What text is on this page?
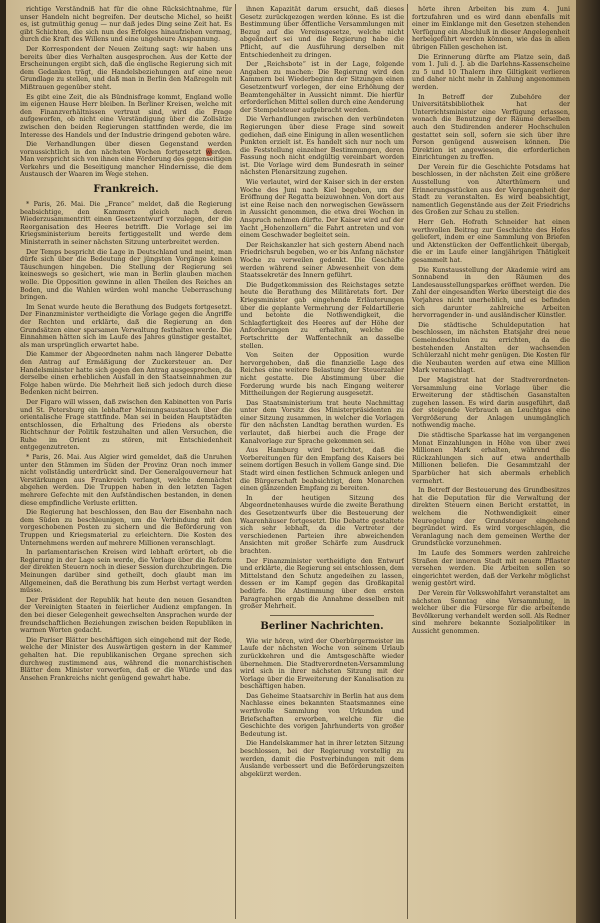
richtige Verständniß hat für die ohne Rücksichtnahme, für unser Handeln nicht begreifen. Der deutsche Michel, so heißt es, ist gutmüthig genug — nur daß jedes Ding seine Zeit hat. Es gibt Schichten, die sich nun des Erfolges hinaufziehen vermag, durch die Kraft des Willens und eine ungeheure Anspannung.

Der Korrespondent der Neuen Zeitung sagt: wir haben uns bereits über dies Verhalten ausgesprochen. Aus der Kette der Erscheinungen ergibt sich, daß die englische Regierung sich mit dem Gedanken trägt, die Handelsbeziehungen auf eine neue Grundlage zu stellen, und daß man in Berlin den Maßregeln mit Mißtrauen gegenüber steht.

Es gibt eine Zeit, die als Bündnisfrage kommt, England wolle im eigenen Hause Herr bleiben. In Berliner Kreisen, welche mit den Finanzverhältnissen vertraut sind, wird die Frage aufgeworfen, ob nicht eine Verständigung über die Zollsätze zwischen den beiden Regierungen stattfinden werde, die im Interesse des Handels und der Industrie dringend geboten wäre.

Die Verhandlungen über diesen Gegenstand werden voraussichtlich in den nächsten Wochen fortgesetzt werden. Man verspricht sich von ihnen eine Förderung des gegenseitigen Verkehrs und die Beseitigung mancher Hindernisse, die dem Austausch der Waaren im Wege stehen.

Frankreich.

* Paris, 26. Mai. Die „France“ meldet, daß die Regierung beabsichtige, den Kammern gleich nach deren Wiederzusammentritt einen Gesetzentwurf vorzulegen, der die Reorganisation des Heeres betrifft. Die Vorlage sei im Kriegsministerium bereits fertiggestellt und werde dem Ministerrath in seiner nächsten Sitzung unterbreitet werden.

Der Temps bespricht die Lage in Deutschland und meint, man dürfe sich über die Bedeutung der jüngsten Vorgänge keinen Täuschungen hingeben. Die Stellung der Regierung sei keineswegs so gesichert, wie man in Berlin glauben machen wolle. Die Opposition gewinne in allen Theilen des Reiches an Boden, und die Wahlen würden wohl manche Ueberraschung bringen.

Im Senat wurde heute die Berathung des Budgets fortgesetzt. Der Finanzminister vertheidigte die Vorlage gegen die Angriffe der Rechten und erklärte, daß die Regierung an den Grundsätzen einer sparsamen Verwaltung festhalten werde. Die Einnahmen hätten sich im Laufe des Jahres günstiger gestaltet, als man ursprünglich erwartet habe.

Die Kammer der Abgeordneten nahm nach längerer Debatte den Antrag auf Ermäßigung der Zuckersteuer an. Der Handelsminister hatte sich gegen den Antrag ausgesprochen, da derselbe einen erheblichen Ausfall in den Staatseinnahmen zur Folge haben würde. Die Mehrheit ließ sich jedoch durch diese Bedenken nicht beirren.

Der Figaro will wissen, daß zwischen den Kabinetten von Paris und St. Petersburg ein lebhafter Meinungsaustausch über die orientalische Frage stattfinde. Man sei in beiden Hauptstädten entschlossen, die Erhaltung des Friedens als oberste Richtschnur der Politik festzuhalten und allen Versuchen, die Ruhe im Orient zu stören, mit Entschiedenheit entgegenzutreten.

* Paris, 26. Mai. Aus Algier wird gemeldet, daß die Unruhen unter den Stämmen im Süden der Provinz Oran noch immer nicht vollständig unterdrückt sind. Der Generalgouverneur hat Verstärkungen aus Frankreich verlangt, welche demnächst abgehen werden. Die Truppen haben in den letzten Tagen mehrere Gefechte mit den Aufständischen bestanden, in denen diese empfindliche Verluste erlitten.

Die Regierung hat beschlossen, den Bau der Eisenbahn nach dem Süden zu beschleunigen, um die Verbindung mit den vorgeschobenen Posten zu sichern und die Beförderung von Truppen und Kriegsmaterial zu erleichtern. Die Kosten des Unternehmens werden auf mehrere Millionen veranschlagt.

In parlamentarischen Kreisen wird lebhaft erörtert, ob die Regierung in der Lage sein werde, die Vorlage über die Reform der direkten Steuern noch in dieser Session durchzubringen. Die Meinungen darüber sind getheilt, doch glaubt man im Allgemeinen, daß die Berathung bis zum Herbst vertagt werden müsse.

Der Präsident der Republik hat heute den neuen Gesandten der Vereinigten Staaten in feierlicher Audienz empfangen. In den bei dieser Gelegenheit gewechselten Ansprachen wurde der freundschaftlichen Beziehungen zwischen beiden Republiken in warmen Worten gedacht.

Die Pariser Blätter beschäftigen sich eingehend mit der Rede, welche der Minister des Auswärtigen gestern in der Kammer gehalten hat. Die republikanischen Organe sprechen sich durchweg zustimmend aus, während die monarchistischen Blätter dem Minister vorwerfen, daß er die Würde und das Ansehen Frankreichs nicht genügend gewahrt habe.

ihnen Kapazität darum ersucht, daß dieses Gesetz zurückgezogen werden könne. Es ist die Bestimmung über öffentliche Versammlungen mit Bezug auf die Vereinsgesetze, welche nicht abgeändert sei und die Regierung habe die Pflicht, auf die Ausführung derselben mit Entschiedenheit zu dringen.

Der „Reichsbote“ ist in der Lage, folgende Angaben zu machen: Die Regierung wird den Kammern bei Wiederbeginn der Sitzungen einen Gesetzentwurf vorlegen, der eine Erhöhung der Beamtengehälter in Aussicht nimmt. Die hierfür erforderlichen Mittel sollen durch eine Aenderung der Stempelsteuer aufgebracht werden.

Die Verhandlungen zwischen den verbündeten Regierungen über diese Frage sind soweit gediehen, daß eine Einigung in allen wesentlichen Punkten erzielt ist. Es handelt sich nur noch um die Feststellung einzelner Bestimmungen, deren Fassung noch nicht endgültig vereinbart worden ist. Die Vorlage wird dem Bundesrath in seiner nächsten Plenarsitzung zugehen.

Wie verlautet, wird der Kaiser sich in der ersten Woche des Juni nach Kiel begeben, um der Eröffnung der Regatta beizuwohnen. Von dort aus ist eine Reise nach den norwegischen Gewässern in Aussicht genommen, die etwa drei Wochen in Anspruch nehmen dürfte. Der Kaiser wird auf der Yacht „Hohenzollern“ die Fahrt antreten und von einem Geschwader begleitet sein.

Der Reichskanzler hat sich gestern Abend nach Friedrichsruh begeben, wo er bis Anfang nächster Woche zu verweilen gedenkt. Die Geschäfte werden während seiner Abwesenheit von dem Staatssekretär des Innern geführt.

Die Budgetkommission des Reichstages setzte heute die Berathung des Militäretats fort. Der Kriegsminister gab eingehende Erläuterungen über die geplante Vermehrung der Feldartillerie und betonte die Nothwendigkeit, die Schlagfertigkeit des Heeres auf der Höhe der Anforderungen zu erhalten, welche die Fortschritte der Waffentechnik an dasselbe stellen.

Von Seiten der Opposition wurde hervorgehoben, daß die finanzielle Lage des Reiches eine weitere Belastung der Steuerzahler nicht gestatte. Die Abstimmung über die Forderung wurde bis nach Eingang weiterer Mittheilungen der Regierung ausgesetzt.

Das Staatsministerium trat heute Nachmittag unter dem Vorsitz des Ministerpräsidenten zu einer Sitzung zusammen, in welcher die Vorlagen für den nächsten Landtag berathen wurden. Es verlautet, daß hierbei auch die Frage der Kanalvorlage zur Sprache gekommen sei.

Aus Hamburg wird berichtet, daß die Vorbereitungen für den Empfang des Kaisers bei seinem dortigen Besuch in vollem Gange sind. Die Stadt wird einen festlichen Schmuck anlegen und die Bürgerschaft beabsichtigt, dem Monarchen einen glänzenden Empfang zu bereiten.

In der heutigen Sitzung des Abgeordnetenhauses wurde die zweite Berathung des Gesetzentwurfs über die Besteuerung der Waarenhäuser fortgesetzt. Die Debatte gestaltete sich sehr lebhaft, da die Vertreter der verschiedenen Parteien ihre abweichenden Ansichten mit großer Schärfe zum Ausdruck brachten.

Der Finanzminister vertheidigte den Entwurf und erklärte, die Regierung sei entschlossen, dem Mittelstand den Schutz angedeihen zu lassen, dessen er im Kampf gegen das Großkapital bedürfe. Die Abstimmung über den ersten Paragraphen ergab die Annahme desselben mit großer Mehrheit.

Berliner Nachrichten.

Wie wir hören, wird der Oberbürgermeister im Laufe der nächsten Woche von seinem Urlaub zurückkehren und die Amtsgeschäfte wieder übernehmen. Die Stadtverordneten-Versammlung wird sich in ihrer nächsten Sitzung mit der Vorlage über die Erweiterung der Kanalisation zu beschäftigen haben.

Das Geheime Staatsarchiv in Berlin hat aus dem Nachlasse eines bekannten Staatsmannes eine werthvolle Sammlung von Urkunden und Briefschaften erworben, welche für die Geschichte des vorigen Jahrhunderts von großer Bedeutung ist.

Die Handelskammer hat in ihrer letzten Sitzung beschlossen, bei der Regierung vorstellig zu werden, damit die Postverbindungen mit dem Auslande verbessert und die Beförderungszeiten abgekürzt werden.

hörte ihren Arbeiten bis zum 4. Juni fortzufahren und es wird dann ebenfalls mit einer im Einklange mit den Gesetzen stehenden Verfügung ein Abschluß in dieser Angelegenheit herbeigeführt werden können, wie das in allen übrigen Fällen geschehen ist.

Die Erinnerung dürfte am Platze sein, daß vom 1. Juli d. J. ab die Darlehns-Kassenscheine zu 5 und 10 Thalern ihre Giltigkeit verlieren und daher nicht mehr in Zahlung angenommen werden.

In Betreff der Zubehöre der Universitätsbibliothek hat der Unterrichtsminister eine Verfügung erlassen, wonach die Benutzung der Räume derselben auch den Studirenden anderer Hochschulen gestattet sein soll, sofern sie sich über ihre Person genügend ausweisen können. Die Direktion ist angewiesen, die erforderlichen Einrichtungen zu treffen.

Der Verein für die Geschichte Potsdams hat beschlossen, in der nächsten Zeit eine größere Ausstellung von Alterthümern und Erinnerungsstücken aus der Vergangenheit der Stadt zu veranstalten. Es wird beabsichtigt, namentlich Gegenstände aus der Zeit Friedrichs des Großen zur Schau zu stellen.

Herr Geh. Hofrath Schneider hat einen werthvollen Beitrag zur Geschichte des Hofes geliefert, indem er eine Sammlung von Briefen und Aktenstücken der Oeffentlichkeit übergab, die er im Laufe einer langjährigen Thätigkeit gesammelt hat.

Die Kunstausstellung der Akademie wird am Sonnabend in den Räumen des Landesausstellungsparkes eröffnet werden. Die Zahl der eingesandten Werke übersteigt die des Vorjahres nicht unerheblich, und es befinden sich darunter zahlreiche Arbeiten hervorragender in- und ausländischer Künstler.

Die städtische Schuldeputation hat beschlossen, im nächsten Etatsjahr drei neue Gemeindeschulen zu errichten, da die bestehenden Anstalten der wachsenden Schülerzahl nicht mehr genügen. Die Kosten für die Neubauten werden auf etwa eine Million Mark veranschlagt.

Der Magistrat hat der Stadtverordneten-Versammlung eine Vorlage über die Erweiterung der städtischen Gasanstalten zugehen lassen. Es wird darin ausgeführt, daß der steigende Verbrauch an Leuchtgas eine Vergrößerung der Anlagen unumgänglich nothwendig mache.

Die städtische Sparkasse hat im vergangenen Monat Einzahlungen in Höhe von über zwei Millionen Mark erhalten, während die Rückzahlungen sich auf etwa anderthalb Millionen beliefen. Die Gesammtzahl der Sparbücher hat sich abermals erheblich vermehrt.

In Betreff der Besteuerung des Grundbesitzes hat die Deputation für die Verwaltung der direkten Steuern einen Bericht erstattet, in welchem die Nothwendigkeit einer Neuregelung der Grundsteuer eingehend begründet wird. Es wird vorgeschlagen, die Veranlagung nach dem gemeinen Werthe der Grundstücke vorzunehmen.

Im Laufe des Sommers werden zahlreiche Straßen der inneren Stadt mit neuem Pflaster versehen werden. Die Arbeiten sollen so eingerichtet werden, daß der Verkehr möglichst wenig gestört wird.

Der Verein für Volkswohlfahrt veranstaltet am nächsten Sonntag eine Versammlung, in welcher über die Fürsorge für die arbeitende Bevölkerung verhandelt werden soll. Als Redner sind mehrere bekannte Sozialpolitiker in Aussicht genommen.
